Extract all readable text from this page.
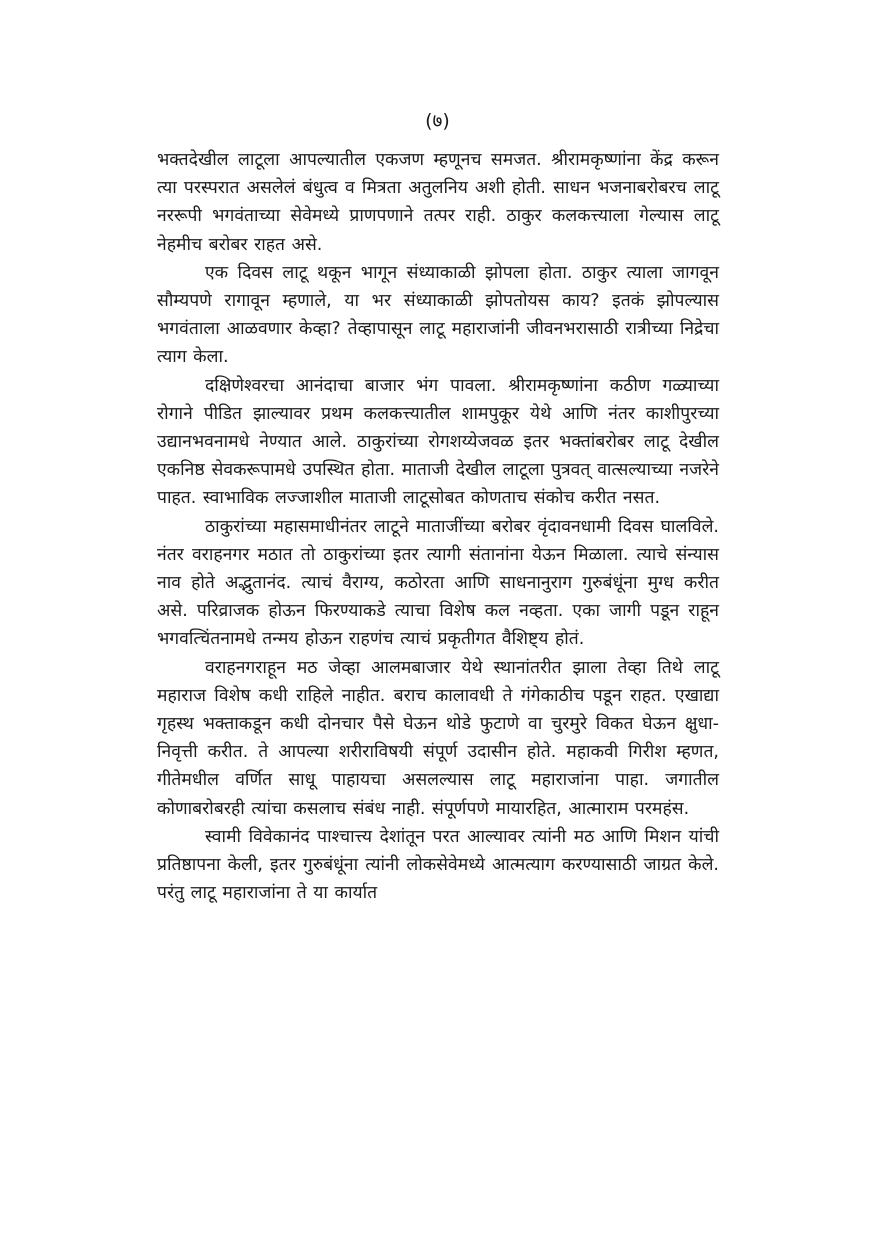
(७)

भक्तदेखील लाटूला आपल्यातील एकजण म्हणूनच समजत. श्रीरामकृष्णांना केंद्र करून त्या परस्परात असलेलं बंधुत्व व मित्रता अतुलनिय अशी होती. साधन भजनाबरोबरच लाटू नररूपी भगवंताच्या सेवेमध्ये प्राणपणाने तत्पर राही. ठाकुर कलकत्त्याला गेल्यास लाटू नेहमीच बरोबर राहत असे.

एक दिवस लाटू थकून भागून संध्याकाळी झोपला होता. ठाकुर त्याला जागवून सौम्यपणे रागावून म्हणाले, या भर संध्याकाळी झोपतोयस काय? इतकं झोपल्यास भगवंताला आळवणार केव्हा? तेव्हापासून लाटू महाराजांनी जीवनभरासाठी रात्रीच्या निद्रेचा त्याग केला.

दक्षिणेश्वरचा आनंदाचा बाजार भंग पावला. श्रीरामकृष्णांना कठीण गळ्याच्या रोगाने पीडित झाल्यावर प्रथम कलकत्त्यातील शामपुकूर येथे आणि नंतर काशीपुरच्या उद्यानभवनामधे नेण्यात आले. ठाकुरांच्या रोगशय्येजवळ इतर भक्तांबरोबर लाटू देखील एकनिष्ठ सेवकरूपामधे उपस्थित होता. माताजी देखील लाटूला पुत्रवत् वात्सल्याच्या नजरेने पाहत. स्वाभाविक लज्जाशील माताजी लाटूसोबत कोणताच संकोच करीत नसत.

ठाकुरांच्या महासमाधीनंतर लाटूने माताजींच्या बरोबर वृंदावनधामी दिवस घालविले. नंतर वराहनगर मठात तो ठाकुरांच्या इतर त्यागी संतानांना येऊन मिळाला. त्याचे संन्यास नाव होते अद्भुतानंद. त्याचं वैराग्य, कठोरता आणि साधनानुराग गुरुबंधूंना मुग्ध करीत असे. परिव्राजक होऊन फिरण्याकडे त्याचा विशेष कल नव्हता. एका जागी पडून राहून भगवत्चिंतनामधे तन्मय होऊन राहणंच त्याचं प्रकृतीगत वैशिष्ट्य होतं.

वराहनगराहून मठ जेव्हा आलमबाजार येथे स्थानांतरीत झाला तेव्हा तिथे लाटू महाराज विशेष कधी राहिले नाहीत. बराच कालावधी ते गंगेकाठीच पडून राहत. एखाद्या गृहस्थ भक्ताकडून कधी दोनचार पैसे घेऊन थोडे फुटाणे वा चुरमुरे विकत घेऊन क्षुधा-निवृत्ती करीत. ते आपल्या शरीराविषयी संपूर्ण उदासीन होते. महाकवी गिरीश म्हणत, गीतेमधील वर्णित साधू पाहायचा असलल्यास लाटू महाराजांना पाहा. जगातील कोणाबरोबरही त्यांचा कसलाच संबंध नाही. संपूर्णपणे मायारहित, आत्माराम परमहंस.

स्वामी विवेकानंद पाश्चात्त्य देशांतून परत आल्यावर त्यांनी मठ आणि मिशन यांची प्रतिष्ठापना केली, इतर गुरुबंधूंना त्यांनी लोकसेवेमध्ये आत्मत्याग करण्यासाठी जाग्रत केले. परंतु लाटू महाराजांना ते या कार्यात
